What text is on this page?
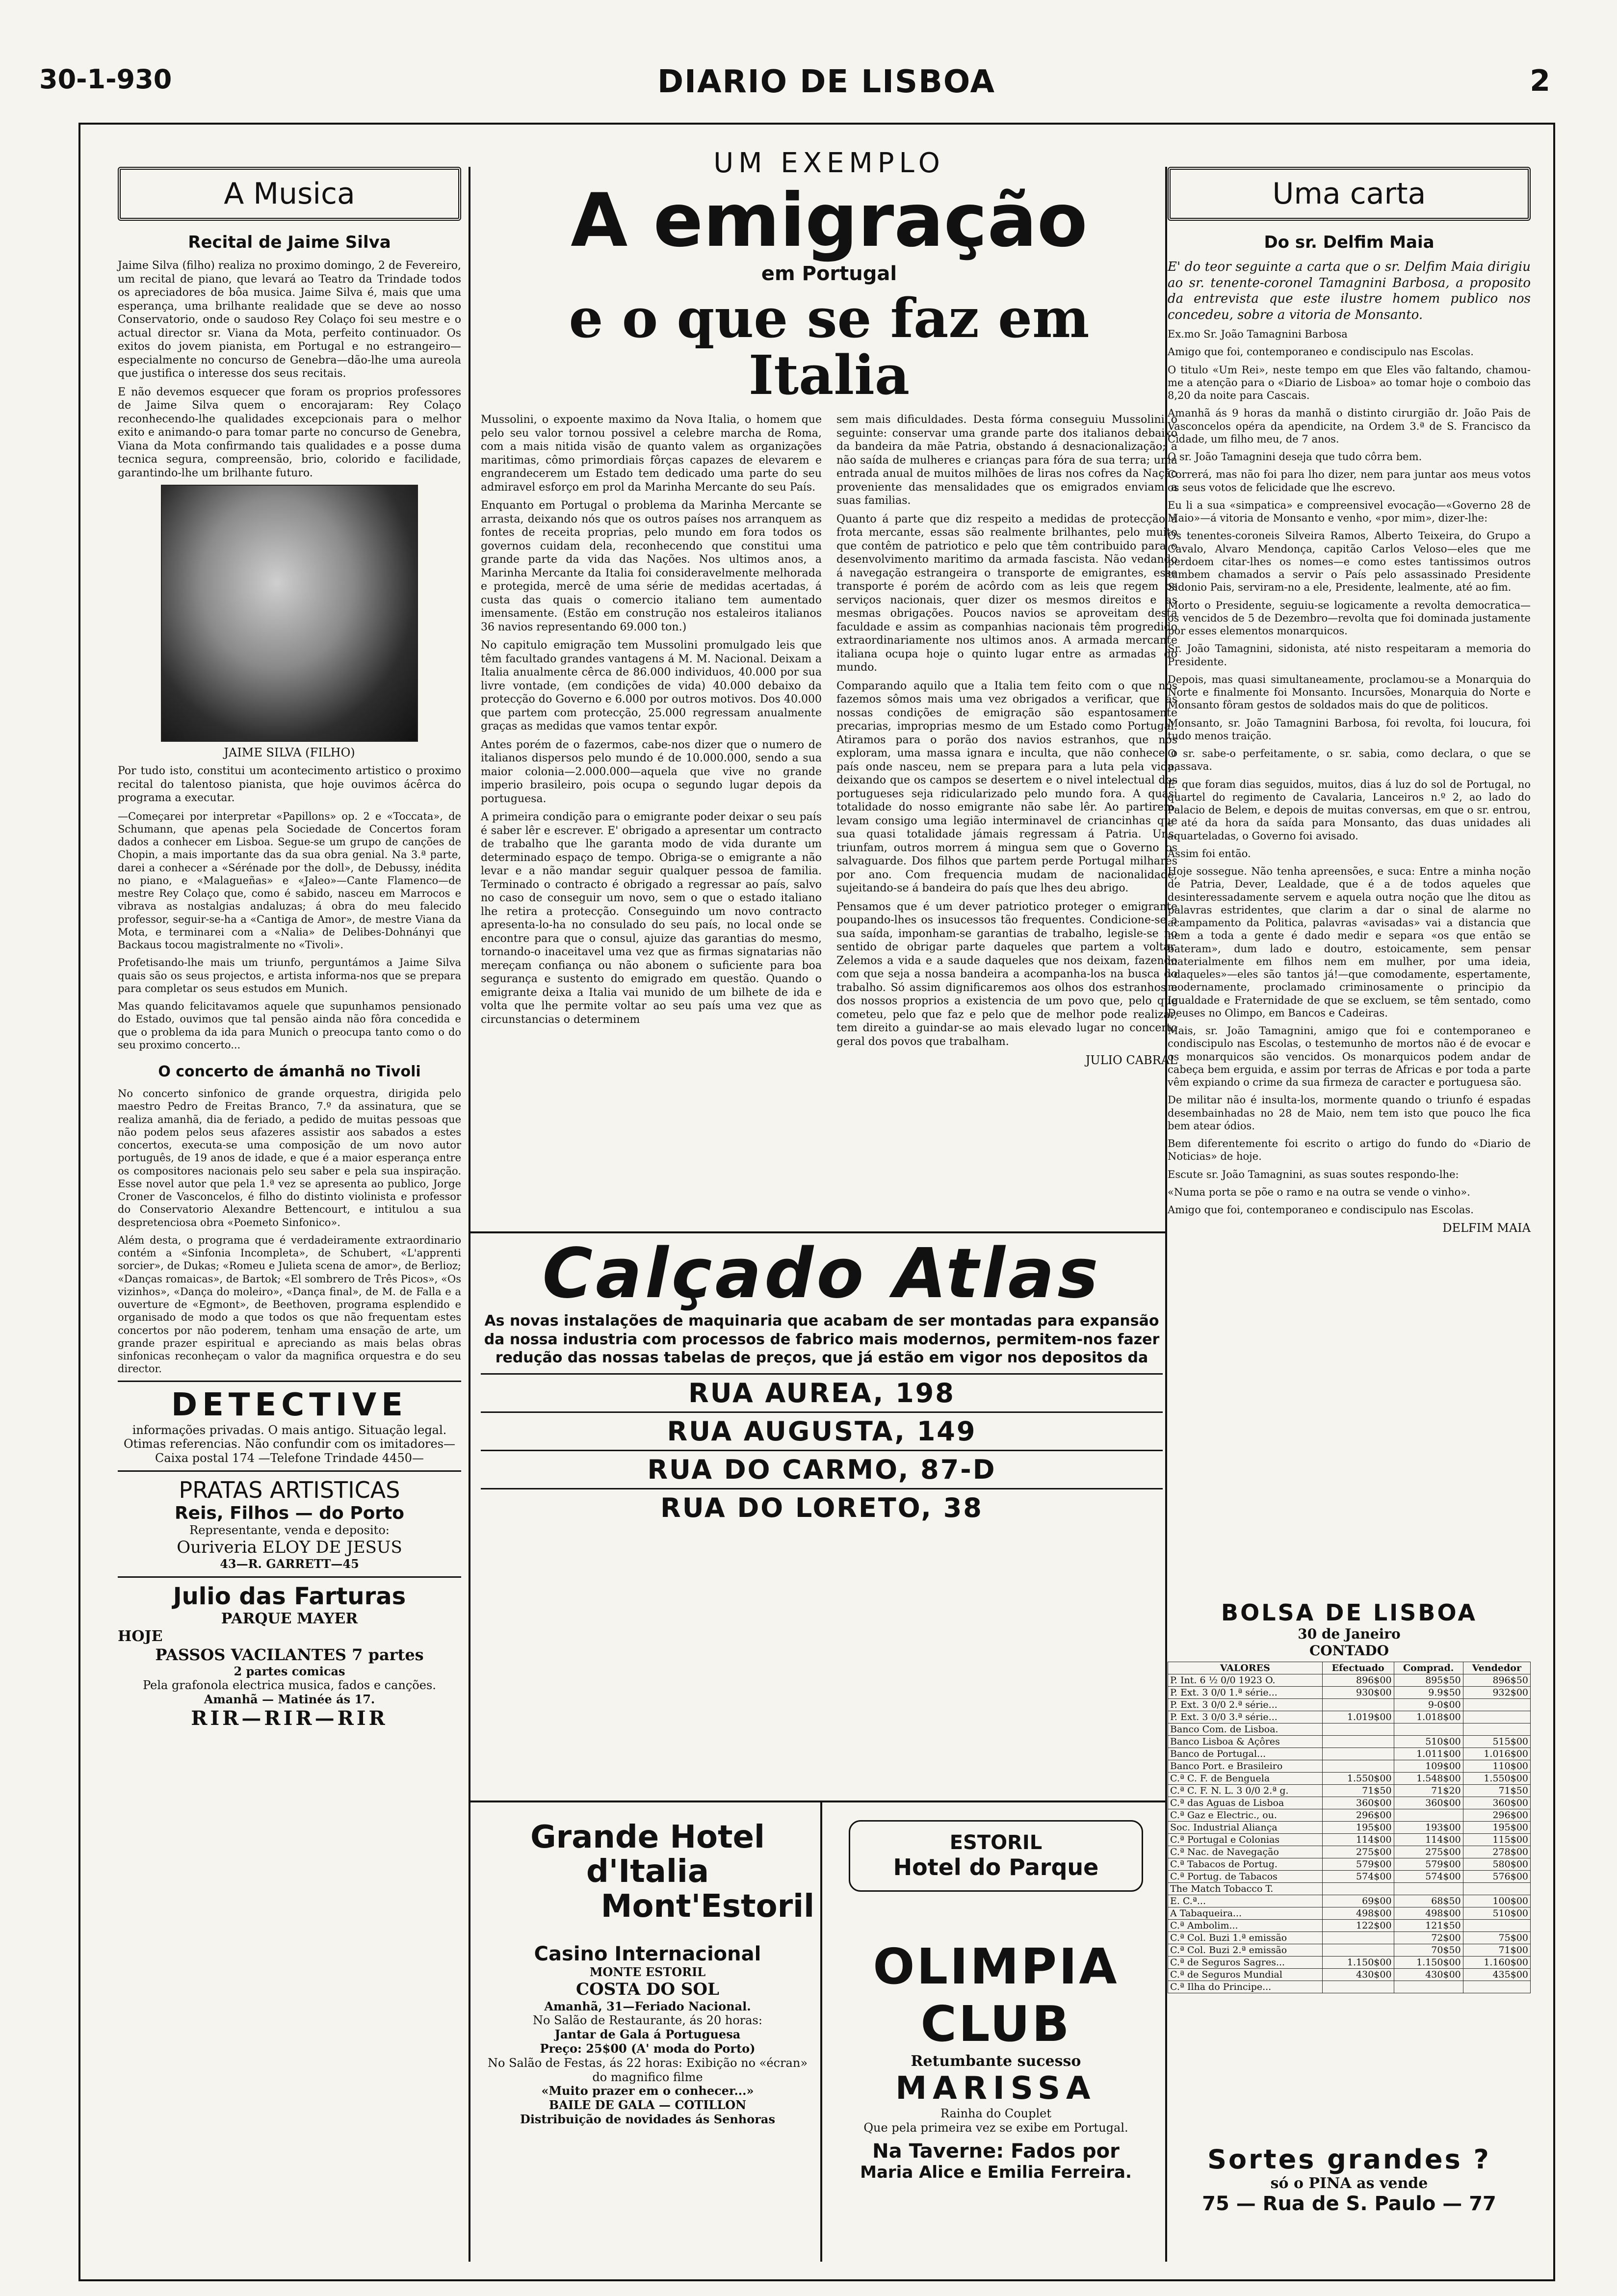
30-1-930	DIARIO DE LISBOA	2
A Musica
Recital de Jaime Silva

Jaime Silva (filho) realiza no proximo domingo, 2 de Fevereiro, um recital de piano, que levará ao Teatro da Trindade todos os apreciadores de bôa musica. Jaime Silva é, mais que uma esperança, uma brilhante realidade que se deve ao nosso Conservatorio, onde o saudoso Rey Colaço foi seu mestre e o actual director sr. Viana da Mota, perfeito continuador. Os exitos do jovem pianista, em Portugal e no estrangeiro—especialmente no concurso de Genebra—dão-lhe uma aureola que justifica o interesse dos seus recitais.

E não devemos esquecer que foram os proprios professores de Jaime Silva quem o encorajaram: Rey Colaço reconhecendo-lhe qualidades excepcionais para o melhor exito e animando-o para tomar parte no concurso de Genebra, Viana da Mota confirmando tais qualidades e a posse duma tecnica segura, compreensão, brio, colorido e facilidade, garantindo-lhe um brilhante futuro.

JAIME SILVA (FILHO)

Por tudo isto, constitui um acontecimento artistico o proximo recital do talentoso pianista, que hoje ouvimos ácêrca do programa a executar.

—Começarei por interpretar «Papillons» op. 2 e «Toccata», de Schumann, que apenas pela Sociedade de Concertos foram dados a conhecer em Lisboa. Segue-se um grupo de canções de Chopin, a mais importante das da sua obra genial. Na 3.ª parte, darei a conhecer a «Sérénade por the doll», de Debussy, inédita no piano, e «Malagueñas» e «Jaleo»—Cante Flamenco—de mestre Rey Colaço que, como é sabido, nasceu em Marrocos e vibrava as nostalgias andaluzas; á obra do meu falecido professor, seguir-se-ha a «Cantiga de Amor», de mestre Viana da Mota, e terminarei com a «Nalia» de Delibes-Dohnányi que Backaus tocou magistralmente no «Tivoli».

Profetisando-lhe mais um triunfo, perguntámos a Jaime Silva quais são os seus projectos, e artista informa-nos que se prepara para completar os seus estudos em Munich.

Mas quando felicitavamos aquele que supunhamos pensionado do Estado, ouvimos que tal pensão ainda não fôra concedida e que o problema da ida para Munich o preocupa tanto como o do seu proximo concerto...

O concerto de ámanhã no Tivoli

No concerto sinfonico de grande orquestra, dirigida pelo maestro Pedro de Freitas Branco, 7.º da assinatura, que se realiza amanhã, dia de feriado, a pedido de muitas pessoas que não podem pelos seus afazeres assistir aos sabados a estes concertos, executa-se uma composição de um novo autor português, de 19 anos de idade, e que é a maior esperança entre os compositores nacionais pelo seu saber e pela sua inspiração. Esse novel autor que pela 1.ª vez se apresenta ao publico, Jorge Croner de Vasconcelos, é filho do distinto violinista e professor do Conservatorio Alexandre Bettencourt, e intitulou a sua despretenciosa obra «Poemeto Sinfonico».

Além desta, o programa que é verdadeiramente extraordinario contém a «Sinfonia Incompleta», de Schubert, «L'apprenti sorcier», de Dukas; «Romeu e Julieta scena de amor», de Berlioz; «Danças romaicas», de Bartok; «El sombrero de Três Picos», «Os vizinhos», «Dança do moleiro», «Dança final», de M. de Falla e a ouverture de «Egmont», de Beethoven, programa esplendido e organisado de modo a que todos os que não frequentam estes concertos por não poderem, tenham uma ensação de arte, um grande prazer espiritual e apreciando as mais belas obras sinfonicas reconheçam o valor da magnifica orquestra e do seu director.

DETECTIVE
informações privadas. O mais antigo. Situação legal. Otimas referencias. Não confundir com os imitadores—Caixa postal 174 —Telefone Trindade 4450—
PRATAS ARTISTICAS
Reis, Filhos — do Porto
Representante, venda e deposito:
Ouriveria ELOY DE JESUS
43—R. GARRETT—45
Julio das Farturas
PARQUE MAYER
HOJE
PASSOS VACILANTES 7 partes
2 partes comicas
Pela grafonola electrica musica, fados e canções.
Amanhã — Matinée ás 17.
RIR—RIR—RIR
UM EXEMPLO
A emigração
em Portugal
e o que se faz em Italia

Mussolini, o expoente maximo da Nova Italia, o homem que pelo seu valor tornou possivel a celebre marcha de Roma, com a mais nitida visão de quanto valem as organizações maritimas, cômo primordiais fôrças capazes de elevarem e engrandecerem um Estado tem dedicado uma parte do seu admiravel esforço em prol da Marinha Mercante do seu País.

Enquanto em Portugal o problema da Marinha Mercante se arrasta, deixando nós que os outros países nos arranquem as fontes de receita proprias, pelo mundo em fora todos os governos cuidam dela, reconhecendo que constitui uma grande parte da vida das Nações. Nos ultimos anos, a Marinha Mercante da Italia foi consideravelmente melhorada e protegida, mercê de uma série de medidas acertadas, á custa das quais o comercio italiano tem aumentado imensamente. (Estão em construção nos estaleiros italianos 36 navios representando 69.000 ton.)

No capitulo emigração tem Mussolini promulgado leis que têm facultado grandes vantagens á M. M. Nacional. Deixam a Italia anualmente cêrca de 86.000 individuos, 40.000 por sua livre vontade, (em condições de vida) 40.000 debaixo da protecção do Governo e 6.000 por outros motivos. Dos 40.000 que partem com protecção, 25.000 regressam anualmente graças as medidas que vamos tentar expôr.

Antes porém de o fazermos, cabe-nos dizer que o numero de italianos dispersos pelo mundo é de 10.000.000, sendo a sua maior colonia—2.000.000—aquela que vive no grande imperio brasileiro, pois ocupa o segundo lugar depois da portuguesa.

A primeira condição para o emigrante poder deixar o seu país é saber lêr e escrever. E' obrigado a apresentar um contracto de trabalho que lhe garanta modo de vida durante um determinado espaço de tempo. Obriga-se o emigrante a não levar e a não mandar seguir qualquer pessoa de familia. Terminado o contracto é obrigado a regressar ao país, salvo no caso de conseguir um novo, sem o que o estado italiano lhe retira a protecção. Conseguindo um novo contracto apresenta-lo-ha no consulado do seu país, no local onde se encontre para que o consul, ajuize das garantias do mesmo, tornando-o inaceitavel uma vez que as firmas signatarias não mereçam confiança ou não abonem o suficiente para boa segurança e sustento do emigrado em questão. Quando o emigrante deixa a Italia vai munido de um bilhete de ida e volta que lhe permite voltar ao seu país uma vez que as circunstancias o determinem

sem mais dificuldades. Desta fórma conseguiu Mussolini o seguinte: conservar uma grande parte dos italianos debaixo da bandeira da mãe Patria, obstando á desnacionalização; a não saída de mulheres e crianças para fóra de sua terra; uma entrada anual de muitos milhões de liras nos cofres da Nação proveniente das mensalidades que os emigrados enviam a suas familias.

Quanto á parte que diz respeito a medidas de protecção á frota mercante, essas são realmente brilhantes, pelo muito que contêm de patriotico e pelo que têm contribuido para o desenvolvimento maritimo da armada fascista. Não vedando á navegação estrangeira o transporte de emigrantes, esse transporte é porém de acôrdo com as leis que regem os serviços nacionais, quer dizer os mesmos direitos e as mesmas obrigações. Poucos navios se aproveitam desta faculdade e assim as companhias nacionais têm progredido extraordinariamente nos ultimos anos. A armada mercante italiana ocupa hoje o quinto lugar entre as armadas do mundo.

Comparando aquilo que a Italia tem feito com o que nós fazemos sômos mais uma vez obrigados a verificar, que as nossas condições de emigração são espantosamente precarias, improprias mesmo de um Estado como Portugal. Atiramos para o porão dos navios estranhos, que nos exploram, uma massa ignara e inculta, que não conhece o país onde nasceu, nem se prepara para a luta pela vida, deixando que os campos se desertem e o nivel intelectual dos portugueses seja ridicularizado pelo mundo fora. A quasi totalidade do nosso emigrante não sabe lêr. Ao partirem, levam consigo uma legião interminavel de criancinhas que sua quasi totalidade jámais regressam á Patria. Uns, triunfam, outros morrem á mingua sem que o Governo os salvaguarde. Dos filhos que partem perde Portugal milhares por ano. Com frequencia mudam de nacionalidade, sujeitando-se á bandeira do país que lhes deu abrigo.

Pensamos que é um dever patriotico proteger o emigrante poupando-lhes os insucessos tão frequentes. Condicione-se a sua saída, imponham-se garantias de trabalho, legisle-se no sentido de obrigar parte daqueles que partem a voltar. Zelemos a vida e a saude daqueles que nos deixam, fazendo com que seja a nossa bandeira a acompanha-los na busca do trabalho. Só assim dignificaremos aos olhos dos estranhos e dos nossos proprios a existencia de um povo que, pelo que cometeu, pelo que faz e pelo que de melhor pode realizar, tem direito a guindar-se ao mais elevado lugar no concerto geral dos povos que trabalham.

JULIO CABRAL
Calçado Atlas
As novas instalações de maquinaria que acabam de ser montadas para expansão da nossa industria com processos de fabrico mais modernos, permitem-nos fazer redução das nossas tabelas de preços, que já estão em vigor nos depositos da
RUA AUREA, 198
RUA AUGUSTA, 149
RUA DO CARMO, 87-D
RUA DO LORETO, 38
Grande Hotel d'Italia
Mont'Estoril
Casino Internacional
MONTE ESTORIL
COSTA DO SOL
Amanhã, 31—Feriado Nacional.
No Salão de Restaurante, ás 20 horas:
Jantar de Gala á Portuguesa
Preço: 25$00 (A' moda do Porto)
No Salão de Festas, ás 22 horas: Exibição no «écran» do magnifico filme
«Muito prazer em o conhecer...»
BAILE DE GALA — COTILLON
Distribuição de novidades ás Senhoras
ESTORIL
Hotel do Parque
OLIMPIA CLUB
Retumbante sucesso
MARISSA
Rainha do Couplet
Que pela primeira vez se exibe em Portugal.
Na Taverne: Fados por
Maria Alice e Emilia Ferreira.
Uma carta
Do sr. Delfim Maia

E' do teor seguinte a carta que o sr. Delfim Maia dirigiu ao sr. tenente-coronel Tamagnini Barbosa, a proposito da entrevista que este ilustre homem publico nos concedeu, sobre a vitoria de Monsanto.

Ex.mo Sr. João Tamagnini Barbosa

Amigo que foi, contemporaneo e condiscipulo nas Escolas.

O titulo «Um Rei», neste tempo em que Eles vão faltando, chamou-me a atenção para o «Diario de Lisboa» ao tomar hoje o comboio das 8,20 da noite para Cascais.

Amanhã ás 9 horas da manhã o distinto cirurgião dr. João Pais de Vasconcelos opéra da apendicite, na Ordem 3.ª de S. Francisco da Cidade, um filho meu, de 7 anos.

O sr. João Tamagnini deseja que tudo côrra bem.

Correrá, mas não foi para lho dizer, nem para juntar aos meus votos os seus votos de felicidade que lhe escrevo.

Eu li a sua «simpatica» e compreensivel evocação—«Governo 28 de Maio»—á vitoria de Monsanto e venho, «por mim», dizer-lhe:

Os tenentes-coroneis Silveira Ramos, Alberto Teixeira, do Grupo a Cavalo, Alvaro Mendonça, capitão Carlos Veloso—eles que me perdoem citar-lhes os nomes—e como estes tantissimos outros tambem chamados a servir o País pelo assassinado Presidente Sidonio Pais, serviram-no a ele, Presidente, lealmente, até ao fim.

Morto o Presidente, seguiu-se logicamente a revolta democratica—os vencidos de 5 de Dezembro—revolta que foi dominada justamente por esses elementos monarquicos.

Sr. João Tamagnini, sidonista, até nisto respeitaram a memoria do Presidente.

Depois, mas quasi simultaneamente, proclamou-se a Monarquia do Norte e finalmente foi Monsanto. Incursões, Monarquia do Norte e Monsanto fôram gestos de soldados mais do que de politicos.

Monsanto, sr. João Tamagnini Barbosa, foi revolta, foi loucura, foi tudo menos traição.

O sr. sabe-o perfeitamente, o sr. sabia, como declara, o que se passava.

E' que foram dias seguidos, muitos, dias á luz do sol de Portugal, no quartel do regimento de Cavalaria, Lanceiros n.º 2, ao lado do Palacio de Belem, e depois de muitas conversas, em que o sr. entrou, e até da hora da saída para Monsanto, das duas unidades ali aquarteladas, o Governo foi avisado.

Assim foi então.

Hoje sossegue. Não tenha apreensões, e suca: Entre a minha noção de Patria, Dever, Lealdade, que é a de todos aqueles que desinteressadamente servem e aquela outra noção que lhe ditou as palavras estridentes, que clarim a dar o sinal de alarme no acampamento da Politica, palavras «avisadas» vai a distancia que nem a toda a gente é dado medir e separa «os que então se bateram», dum lado e doutro, estoicamente, sem pensar materialmente em filhos nem em mulher, por uma ideia, «daqueles»—eles são tantos já!—que comodamente, espertamente, modernamente, proclamado criminosamente o principio da Igualdade e Fraternidade de que se excluem, se têm sentado, como Deuses no Olimpo, em Bancos e Cadeiras.

Mais, sr. João Tamagnini, amigo que foi e contemporaneo e condiscipulo nas Escolas, o testemunho de mortos não é de evocar e os monarquicos são vencidos. Os monarquicos podem andar de cabeça bem erguida, e assim por terras de Africas e por toda a parte vêm expiando o crime da sua firmeza de caracter e portuguesa são.

De militar não é insulta-los, mormente quando o triunfo é espadas desembainhadas no 28 de Maio, nem tem isto que pouco lhe fica bem atear ódios.

Bem diferentemente foi escrito o artigo do fundo do «Diario de Noticias» de hoje.

Escute sr. João Tamagnini, as suas soutes respondo-lhe:

«Numa porta se põe o ramo e na outra se vende o vinho».

Amigo que foi, contemporaneo e condiscipulo nas Escolas.

DELFIM MAIA
BOLSA DE LISBOA
30 de Janeiro
CONTADO
VALORES	Efectuado	Comprad.	Vendedor
P. Int. 6 ½ 0/0 1923 O.	896$00	895$50	896$50
P. Ext. 3 0/0 1.ª série...	930$00	9.9$50	932$00
P. Ext. 3 0/0 2.ª série...		9-0$00	
P. Ext. 3 0/0 3.ª série...	1.019$00	1.018$00	
Banco Com. de Lisboa.			
Banco Lisboa & Açôres		510$00	515$00
Banco de Portugal...		1.011$00	1.016$00
Banco Port. e Brasileiro		109$00	110$00
C.ª C. F. de Benguela	1.550$00	1.548$00	1.550$00
C.ª C. F. N. L. 3 0/0 2.ª g.	71$50	71$20	71$50
C.ª das Aguas de Lisboa	360$00	360$00	360$00
C.ª Gaz e Electric., ou.	296$00		296$00
Soc. Industrial Aliança	195$00	193$00	195$00
C.ª Portugal e Colonias	114$00	114$00	115$00
C.ª Nac. de Navegação	275$00	275$00	278$00
C.ª Tabacos de Portug.	579$00	579$00	580$00
C.ª Portug. de Tabacos	574$00	574$00	576$00
The Match Tobacco T.			
E. C.ª...	69$00	68$50	100$00
A Tabaqueira...	498$00	498$00	510$00
C.ª Ambolim...	122$00	121$50	
C.ª Col. Buzi 1.ª emissão		72$00	75$00
C.ª Col. Buzi 2.ª emissão		70$50	71$00
C.ª de Seguros Sagres...	1.150$00	1.150$00	1.160$00
C.ª de Seguros Mundial	430$00	430$00	435$00
C.ª Ilha do Principe...			
Sortes grandes ?
só o PINA as vende
75 — Rua de S. Paulo — 77
